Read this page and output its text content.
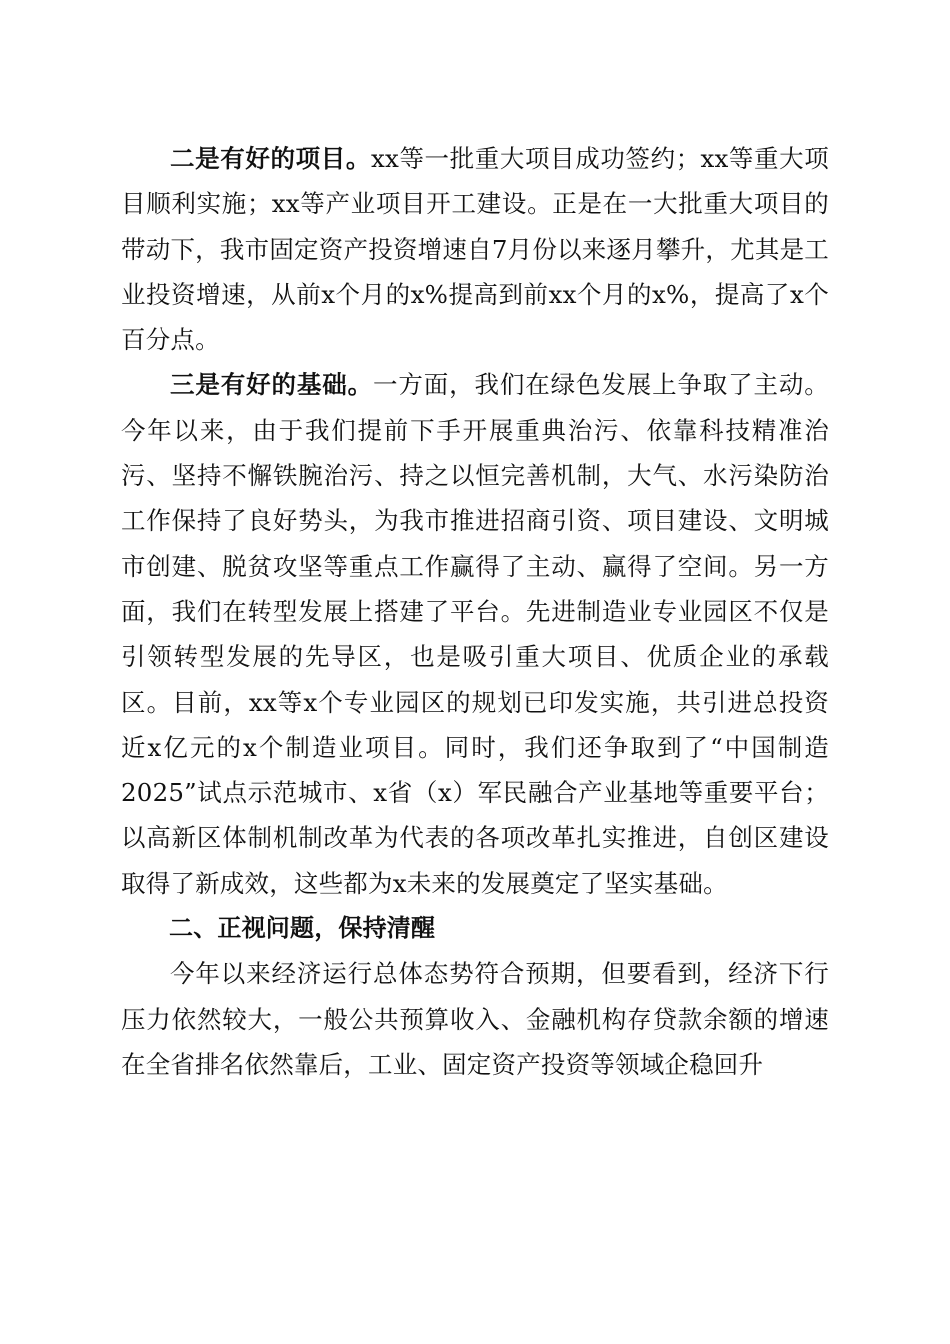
二是有好的项目。xx等一批重大项目成功签约；xx等重大项目顺利实施；xx等产业项目开工建设。正是在一大批重大项目的带动下，我市固定资产投资增速自7月份以来逐月攀升，尤其是工业投资增速，从前x个月的x%提高到前xx个月的x%，提高了x个百分点。

三是有好的基础。一方面，我们在绿色发展上争取了主动。今年以来，由于我们提前下手开展重典治污、依靠科技精准治污、坚持不懈铁腕治污、持之以恒完善机制，大气、水污染防治工作保持了良好势头，为我市推进招商引资、项目建设、文明城市创建、脱贫攻坚等重点工作赢得了主动、赢得了空间。另一方面，我们在转型发展上搭建了平台。先进制造业专业园区不仅是引领转型发展的先导区，也是吸引重大项目、优质企业的承载区。目前，xx等x个专业园区的规划已印发实施，共引进总投资近x亿元的x个制造业项目。同时，我们还争取到了“中国制造2025”试点示范城市、x省（x）军民融合产业基地等重要平台；以高新区体制机制改革为代表的各项改革扎实推进，自创区建设取得了新成效，这些都为x未来的发展奠定了坚实基础。

二、正视问题，保持清醒

今年以来经济运行总体态势符合预期，但要看到，经济下行压力依然较大，一般公共预算收入、金融机构存贷款余额的增速在全省排名依然靠后，工业、固定资产投资等领域企稳回升
